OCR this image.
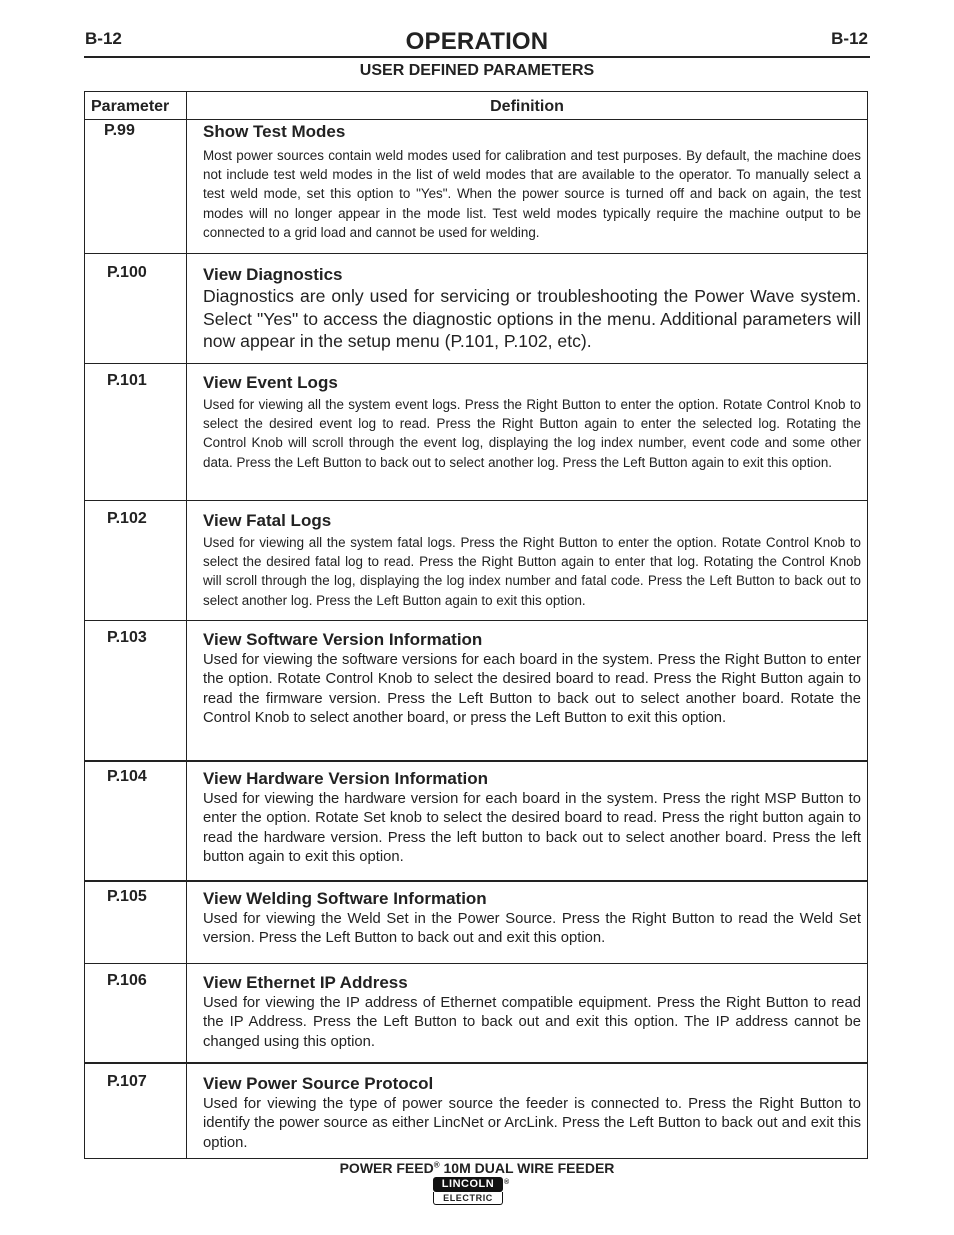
B-12	OPERATION	B-12
USER DEFINED PARAMETERS
Parameter	Definition
P.99	Show Test Modes
Most power sources contain weld modes used for calibration and test purposes. By default, the machine does not include test weld modes in the list of weld modes that are available to the operator. To manually select a test weld mode, set this option to "Yes". When the power source is turned off and back on again, the test modes will no longer appear in the mode list. Test weld modes typically require the machine output to be connected to a grid load and cannot be used for welding.
P.100	View Diagnostics
Diagnostics are only used for servicing or troubleshooting the Power Wave system. Select "Yes" to access the diagnostic options in the menu. Additional parameters will now appear in the setup menu (P.101, P.102, etc).
P.101	View Event Logs
Used for viewing all the system event logs. Press the Right Button to enter the option. Rotate Control Knob to select the desired event log to read. Press the Right Button again to enter the selected log. Rotating the Control Knob will scroll through the event log, displaying the log index number, event code and some other data. Press the Left Button to back out to select another log. Press the Left Button again to exit this option.
P.102	View Fatal Logs
Used for viewing all the system fatal logs. Press the Right Button to enter the option. Rotate Control Knob to select the desired fatal log to read. Press the Right Button again to enter that log. Rotating the Control Knob will scroll through the log, displaying the log index number and fatal code. Press the Left Button to back out to select another log. Press the Left Button again to exit this option.
P.103	View Software Version Information
Used for viewing the software versions for each board in the system. Press the Right Button to enter the option. Rotate Control Knob to select the desired board to read. Press the Right Button again to read the firmware version. Press the Left Button to back out to select another board. Rotate the Control Knob to select another board, or press the Left Button to exit this option.
P.104	View Hardware Version Information
Used for viewing the hardware version for each board in the system. Press the right MSP Button to enter the option. Rotate Set knob to select the desired board to read. Press the right button again to read the hardware version. Press the left button to back out to select another board. Press the left button again to exit this option.
P.105	View Welding Software Information
Used for viewing the Weld Set in the Power Source. Press the Right Button to read the Weld Set version. Press the Left Button to back out and exit this option.
P.106	View Ethernet IP Address
Used for viewing the IP address of Ethernet compatible equipment. Press the Right Button to read the IP Address. Press the Left Button to back out and exit this option. The IP address cannot be changed using this option.
P.107	View Power Source Protocol
Used for viewing the type of power source the feeder is connected to. Press the Right Button to identify the power source as either LincNet or ArcLink. Press the Left Button to back out and exit this option.
POWER FEED® 10M DUAL WIRE FEEDER
LINCOLN
ELECTRIC
®
